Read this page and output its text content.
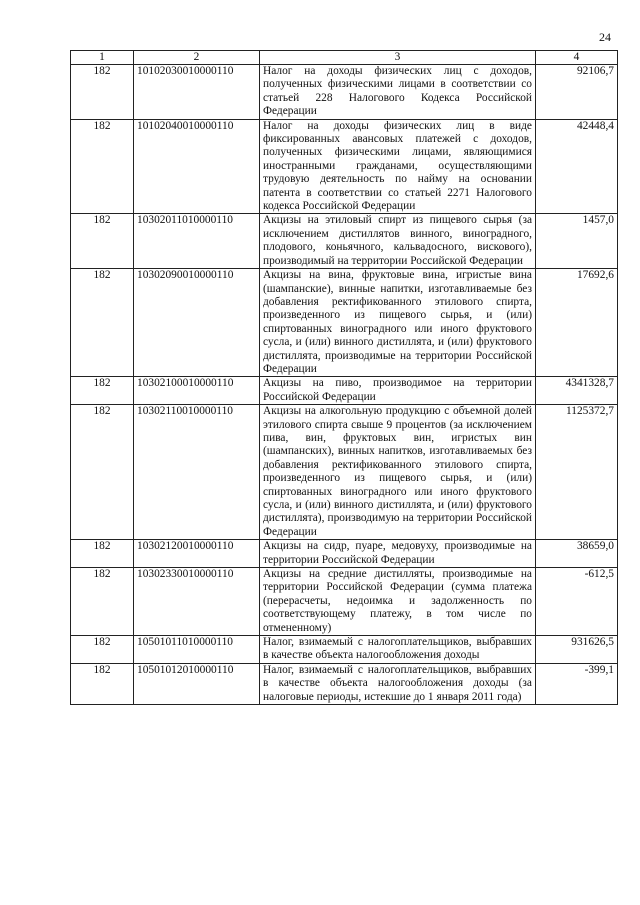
24
1	2	3	4
182	10102030010000110	Налог на доходы физических лиц с доходов, полученных физическими лицами в соответствии со статьей 228 Налогового Кодекса Российской Федерации	92106,7
182	10102040010000110	Налог на доходы физических лиц в виде фиксированных авансовых платежей с доходов, полученных физическими лицами, являющимися иностранными гражданами, осуществляющими трудовую деятельность по найму на основании патента в соответствии со статьей 2271 Налогового кодекса Российской Федерации	42448,4
182	10302011010000110	Акцизы на этиловый спирт из пищевого сырья (за исключением дистиллятов винного, виноградного, плодового, коньячного, кальвадосного, вискового), производимый на территории Российской Федерации	1457,0
182	10302090010000110	Акцизы на вина, фруктовые вина, игристые вина (шампанские), винные напитки, изготавливаемые без добавления ректификованного этилового спирта, произведенного из пищевого сырья, и (или) спиртованных виноградного или иного фруктового сусла, и (или) винного дистиллята, и (или) фруктового дистиллята, производимые на территории Российской Федерации	17692,6
182	10302100010000110	Акцизы на пиво, производимое на территории Российской Федерации	4341328,7
182	10302110010000110	Акцизы на алкогольную продукцию с объемной долей этилового спирта свыше 9 процентов (за исключением пива, вин, фруктовых вин, игристых вин (шампанских), винных напитков, изготавливаемых без добавления ректификованного этилового спирта, произведенного из пищевого сырья, и (или) спиртованных виноградного или иного фруктового сусла, и (или) винного дистиллята, и (или) фруктового дистиллята), производимую на территории Российской Федерации	1125372,7
182	10302120010000110	Акцизы на сидр, пуаре, медовуху, производимые на территории Российской Федерации	38659,0
182	10302330010000110	Акцизы на средние дистилляты, производимые на территории Российской Федерации (сумма платежа (перерасчеты, недоимка и задолженность по соответствующему платежу, в том числе по отмененному)	-612,5
182	10501011010000110	Налог, взимаемый с налогоплательщиков, выбравших в качестве объекта налогообложения доходы	931626,5
182	10501012010000110	Налог, взимаемый с налогоплательщиков, выбравших в качестве объекта налогообложения доходы (за налоговые периоды, истекшие до 1 января 2011 года)	-399,1
